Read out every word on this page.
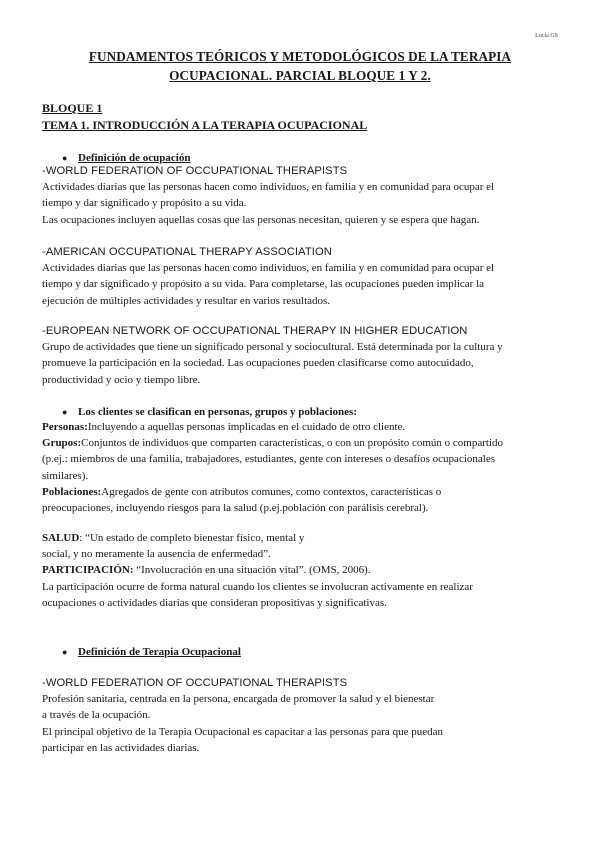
Lucía GS
FUNDAMENTOS TEÓRICOS Y METODOLÓGICOS DE LA TERAPIA
OCUPACIONAL. PARCIAL BLOQUE 1 Y 2.
BLOQUE 1
TEMA 1. INTRODUCCIÓN A LA TERAPIA OCUPACIONAL
● Definición de ocupación

-WORLD FEDERATION OF OCCUPATIONAL THERAPISTS

Actividades diarias que las personas hacen como individuos, en familia y en comunidad para ocupar el

tiempo y dar significado y propósito a su vida.

Las ocupaciones incluyen aquellas cosas que las personas necesitan, quieren y se espera que hagan.

-AMERICAN OCCUPATIONAL THERAPY ASSOCIATION

Actividades diarias que las personas hacen como individuos, en familia y en comunidad para ocupar el

tiempo y dar significado y propósito a su vida. Para completarse, las ocupaciones pueden implicar la

ejecución de múltiples actividades y resultar en varios resultados.

-EUROPEAN NETWORK OF OCCUPATIONAL THERAPY IN HIGHER EDUCATION

Grupo de actividades que tiene un significado personal y sociocultural. Está determinada por la cultura y

promueve la participación en la sociedad. Las ocupaciones pueden clasificarse como autocuidado,

productividad y ocio y tiempo libre.

● Los clientes se clasifican en personas, grupos y poblaciones:

Personas:Incluyendo a aquellas personas implicadas en el cuidado de otro cliente.

Grupos:Conjuntos de individuos que comparten características, o con un propósito común o compartido

(p.ej.: miembros de una familia, trabajadores, estudiantes, gente con intereses o desafíos ocupacionales

similares).

Poblaciones:Agregados de gente con atributos comunes, como contextos, características o

preocupaciones, incluyendo riesgos para la salud (p.ej.población con parálisis cerebral).

SALUD: “Un estado de completo bienestar físico, mental y

social, y no meramente la ausencia de enfermedad”.

PARTICIPACIÓN: “Involucración en una situación vital”. (OMS, 2006).

La participación ocurre de forma natural cuando los clientes se involucran activamente en realizar

ocupaciones o actividades diarias que consideran propositivas y significativas.

● Definición de Terapia Ocupacional

-WORLD FEDERATION OF OCCUPATIONAL THERAPISTS

Profesión sanitaria, centrada en la persona, encargada de promover la salud y el bienestar

a través de la ocupación.

El principal objetivo de la Terapia Ocupacional es capacitar a las personas para que puedan

participar en las actividades diarias.
